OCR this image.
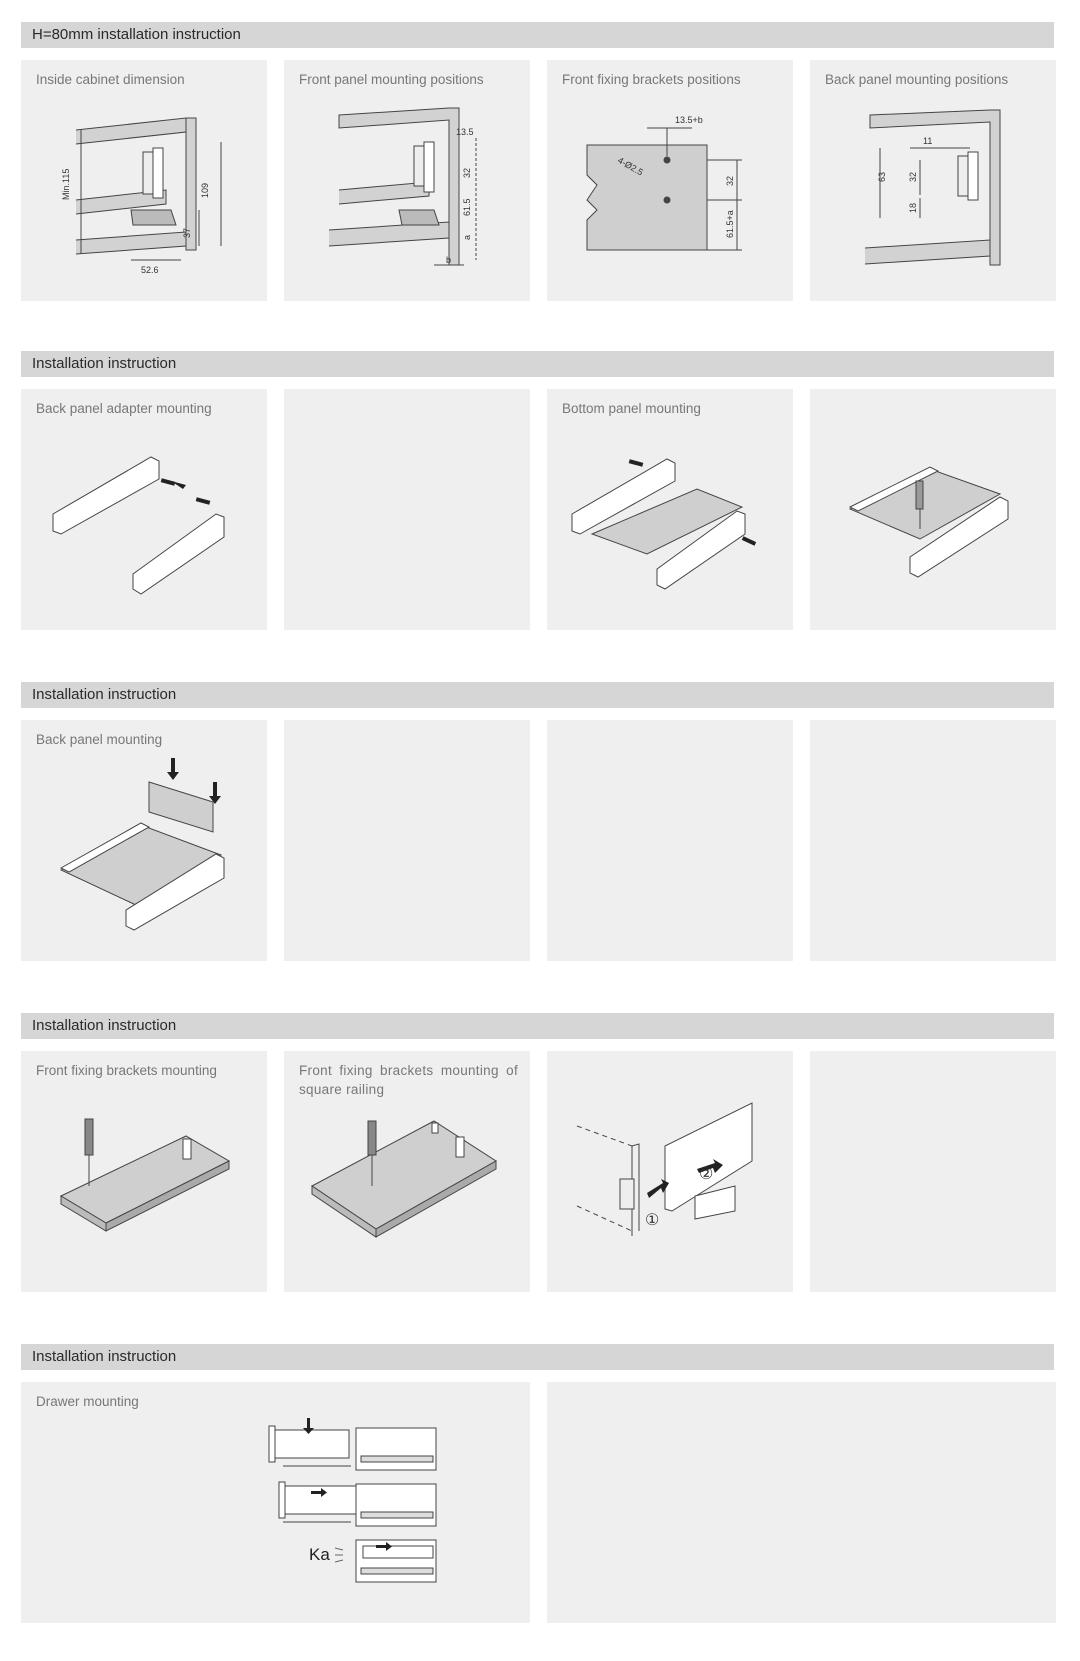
H=80mm installation instruction
Inside cabinet dimension
Min.115	109
37
52.6
Front panel mounting positions
13.5
32
61.5
a
b
Front fixing brackets positions
13.5+b
4-Ø2.5
32
61.5+a
Back panel mounting positions
11
63 32
18
Installation instruction
Back panel adapter mounting	Bottom panel mounting
Installation instruction
Back panel mounting
Installation instruction
Front fixing brackets mounting	Front fixing brackets mounting of square railing
①
②
Installation instruction
Drawer mounting
Ka
